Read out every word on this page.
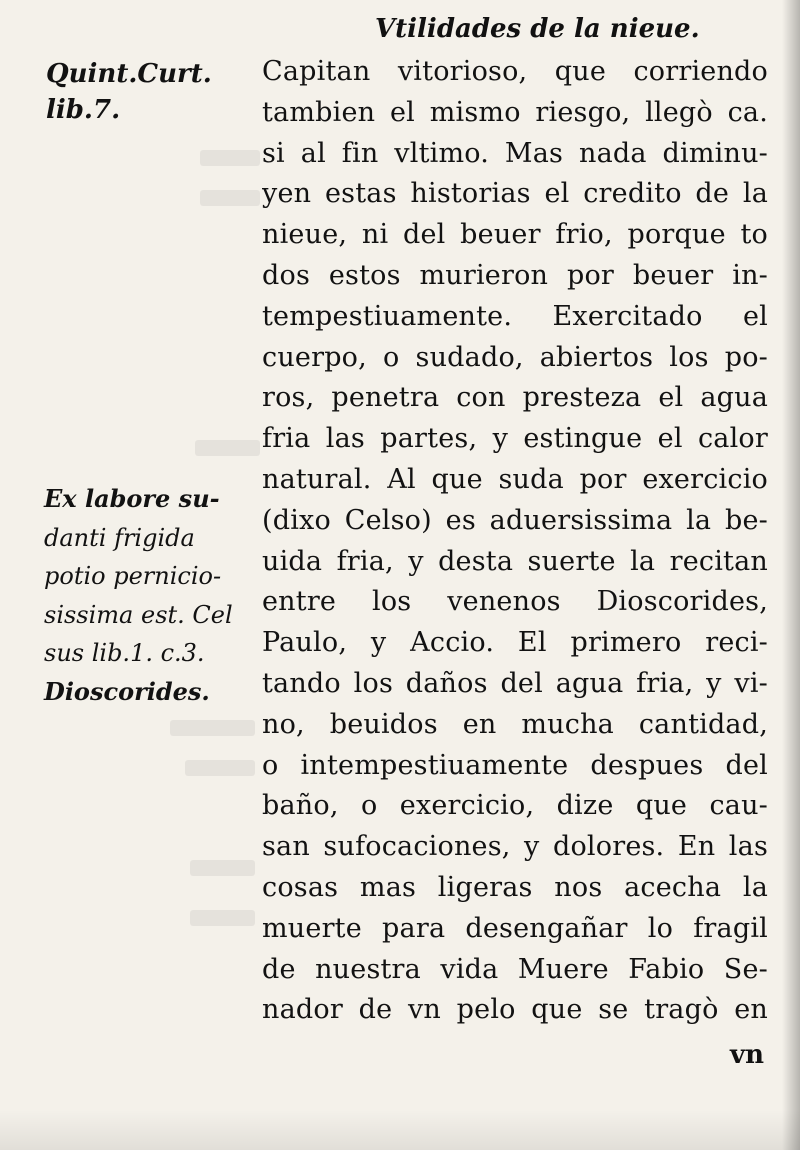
Vtilidades de la nieue.
Quint.Curt.
lib.7.
Ex labore su-
danti frigida
potio pernicio-
sissima est. Cel
sus lib.1. c.3.
Dioscorides.
Capitan vitorioso, que corriendo
tambien el mismo riesgo, llegò ca.
si al fin vltimo. Mas nada diminu-
yen estas historias el credito de la
nieue, ni del beuer frio, porque to
dos estos murieron por beuer in-
tempestiuamente. Exercitado el
cuerpo, o sudado, abiertos los po-
ros, penetra con presteza el agua
fria las partes, y estingue el calor
natural. Al que suda por exercicio
(dixo Celso) es aduersissima la be-
uida fria, y desta suerte la recitan
entre los venenos Dioscorides,
Paulo, y Accio. El primero reci-
tando los daños del agua fria, y vi-
no, beuidos en mucha cantidad,
o intempestiuamente despues del
baño, o exercicio, dize que cau-
san sufocaciones, y dolores. En las
cosas mas ligeras nos acecha la
muerte para desengañar lo fragil
de nuestra vida Muere Fabio Se-
nador de vn pelo que se tragò en
vn
